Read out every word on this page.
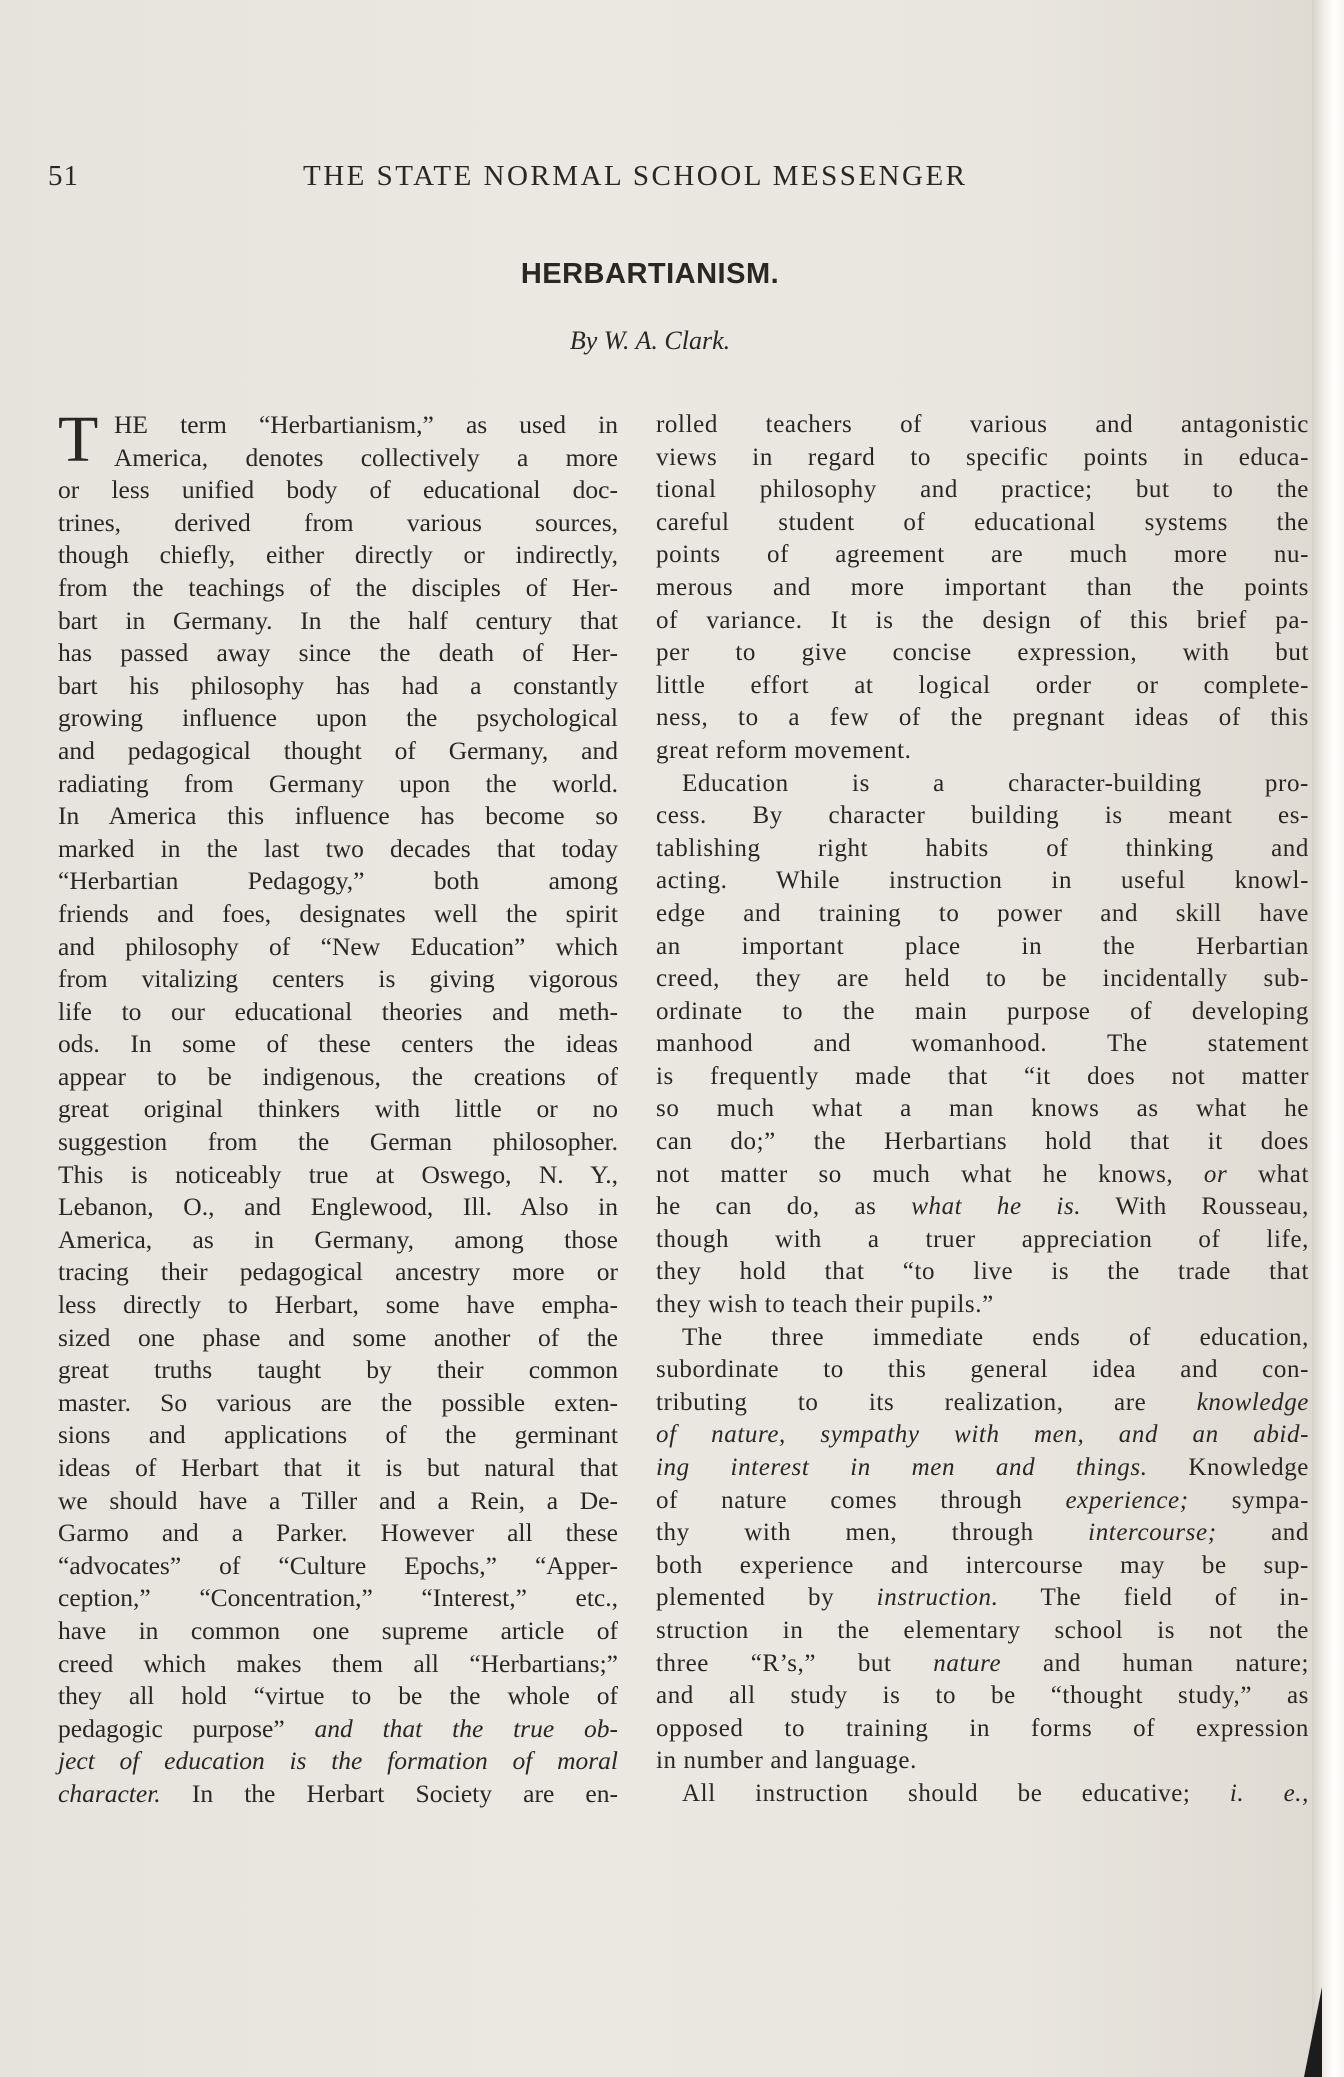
51	THE STATE NORMAL SCHOOL MESSENGER
HERBARTIANISM.
By W. A. Clark.
T HE term “Herbartianism,” as used in
America, denotes collectively a more
or less unified body of educational doc-
trines, derived from various sources,
though chiefly, either directly or indirectly,
from the teachings of the disciples of Her-
bart in Germany. In the half century that
has passed away since the death of Her-
bart his philosophy has had a constantly
growing influence upon the psychological
and pedagogical thought of Germany, and
radiating from Germany upon the world.
In America this influence has become so
marked in the last two decades that today
“Herbartian Pedagogy,” both among
friends and foes, designates well the spirit
and philosophy of “New Education” which
from vitalizing centers is giving vigorous
life to our educational theories and meth-
ods. In some of these centers the ideas
appear to be indigenous, the creations of
great original thinkers with little or no
suggestion from the German philosopher.
This is noticeably true at Oswego, N. Y.,
Lebanon, O., and Englewood, Ill. Also in
America, as in Germany, among those
tracing their pedagogical ancestry more or
less directly to Herbart, some have empha-
sized one phase and some another of the
great truths taught by their common
master. So various are the possible exten-
sions and applications of the germinant
ideas of Herbart that it is but natural that
we should have a Tiller and a Rein, a De-
Garmo and a Parker. However all these
“advocates” of “Culture Epochs,” “Apper-
ception,” “Concentration,” “Interest,” etc.,
have in common one supreme article of
creed which makes them all “Herbartians;”
they all hold “virtue to be the whole of
pedagogic purpose” and that the true ob-
ject of education is the formation of moral
character. In the Herbart Society are en-
rolled teachers of various and antagonistic
views in regard to specific points in educa-
tional philosophy and practice; but to the
careful student of educational systems the
points of agreement are much more nu-
merous and more important than the points
of variance. It is the design of this brief pa-
per to give concise expression, with but
little effort at logical order or complete-
ness, to a few of the pregnant ideas of this
great reform movement.
Education is a character-building pro-
cess. By character building is meant es-
tablishing right habits of thinking and
acting. While instruction in useful knowl-
edge and training to power and skill have
an important place in the Herbartian
creed, they are held to be incidentally sub-
ordinate to the main purpose of developing
manhood and womanhood. The statement
is frequently made that “it does not matter
so much what a man knows as what he
can do;” the Herbartians hold that it does
not matter so much what he knows, or what
he can do, as what he is. With Rousseau,
though with a truer appreciation of life,
they hold that “to live is the trade that
they wish to teach their pupils.”
The three immediate ends of education,
subordinate to this general idea and con-
tributing to its realization, are knowledge
of nature, sympathy with men, and an abid-
ing interest in men and things. Knowledge
of nature comes through experience; sympa-
thy with men, through intercourse; and
both experience and intercourse may be sup-
plemented by instruction. The field of in-
struction in the elementary school is not the
three “R’s,” but nature and human nature;
and all study is to be “thought study,” as
opposed to training in forms of expression
in number and language.
All instruction should be educative; i. e.,
